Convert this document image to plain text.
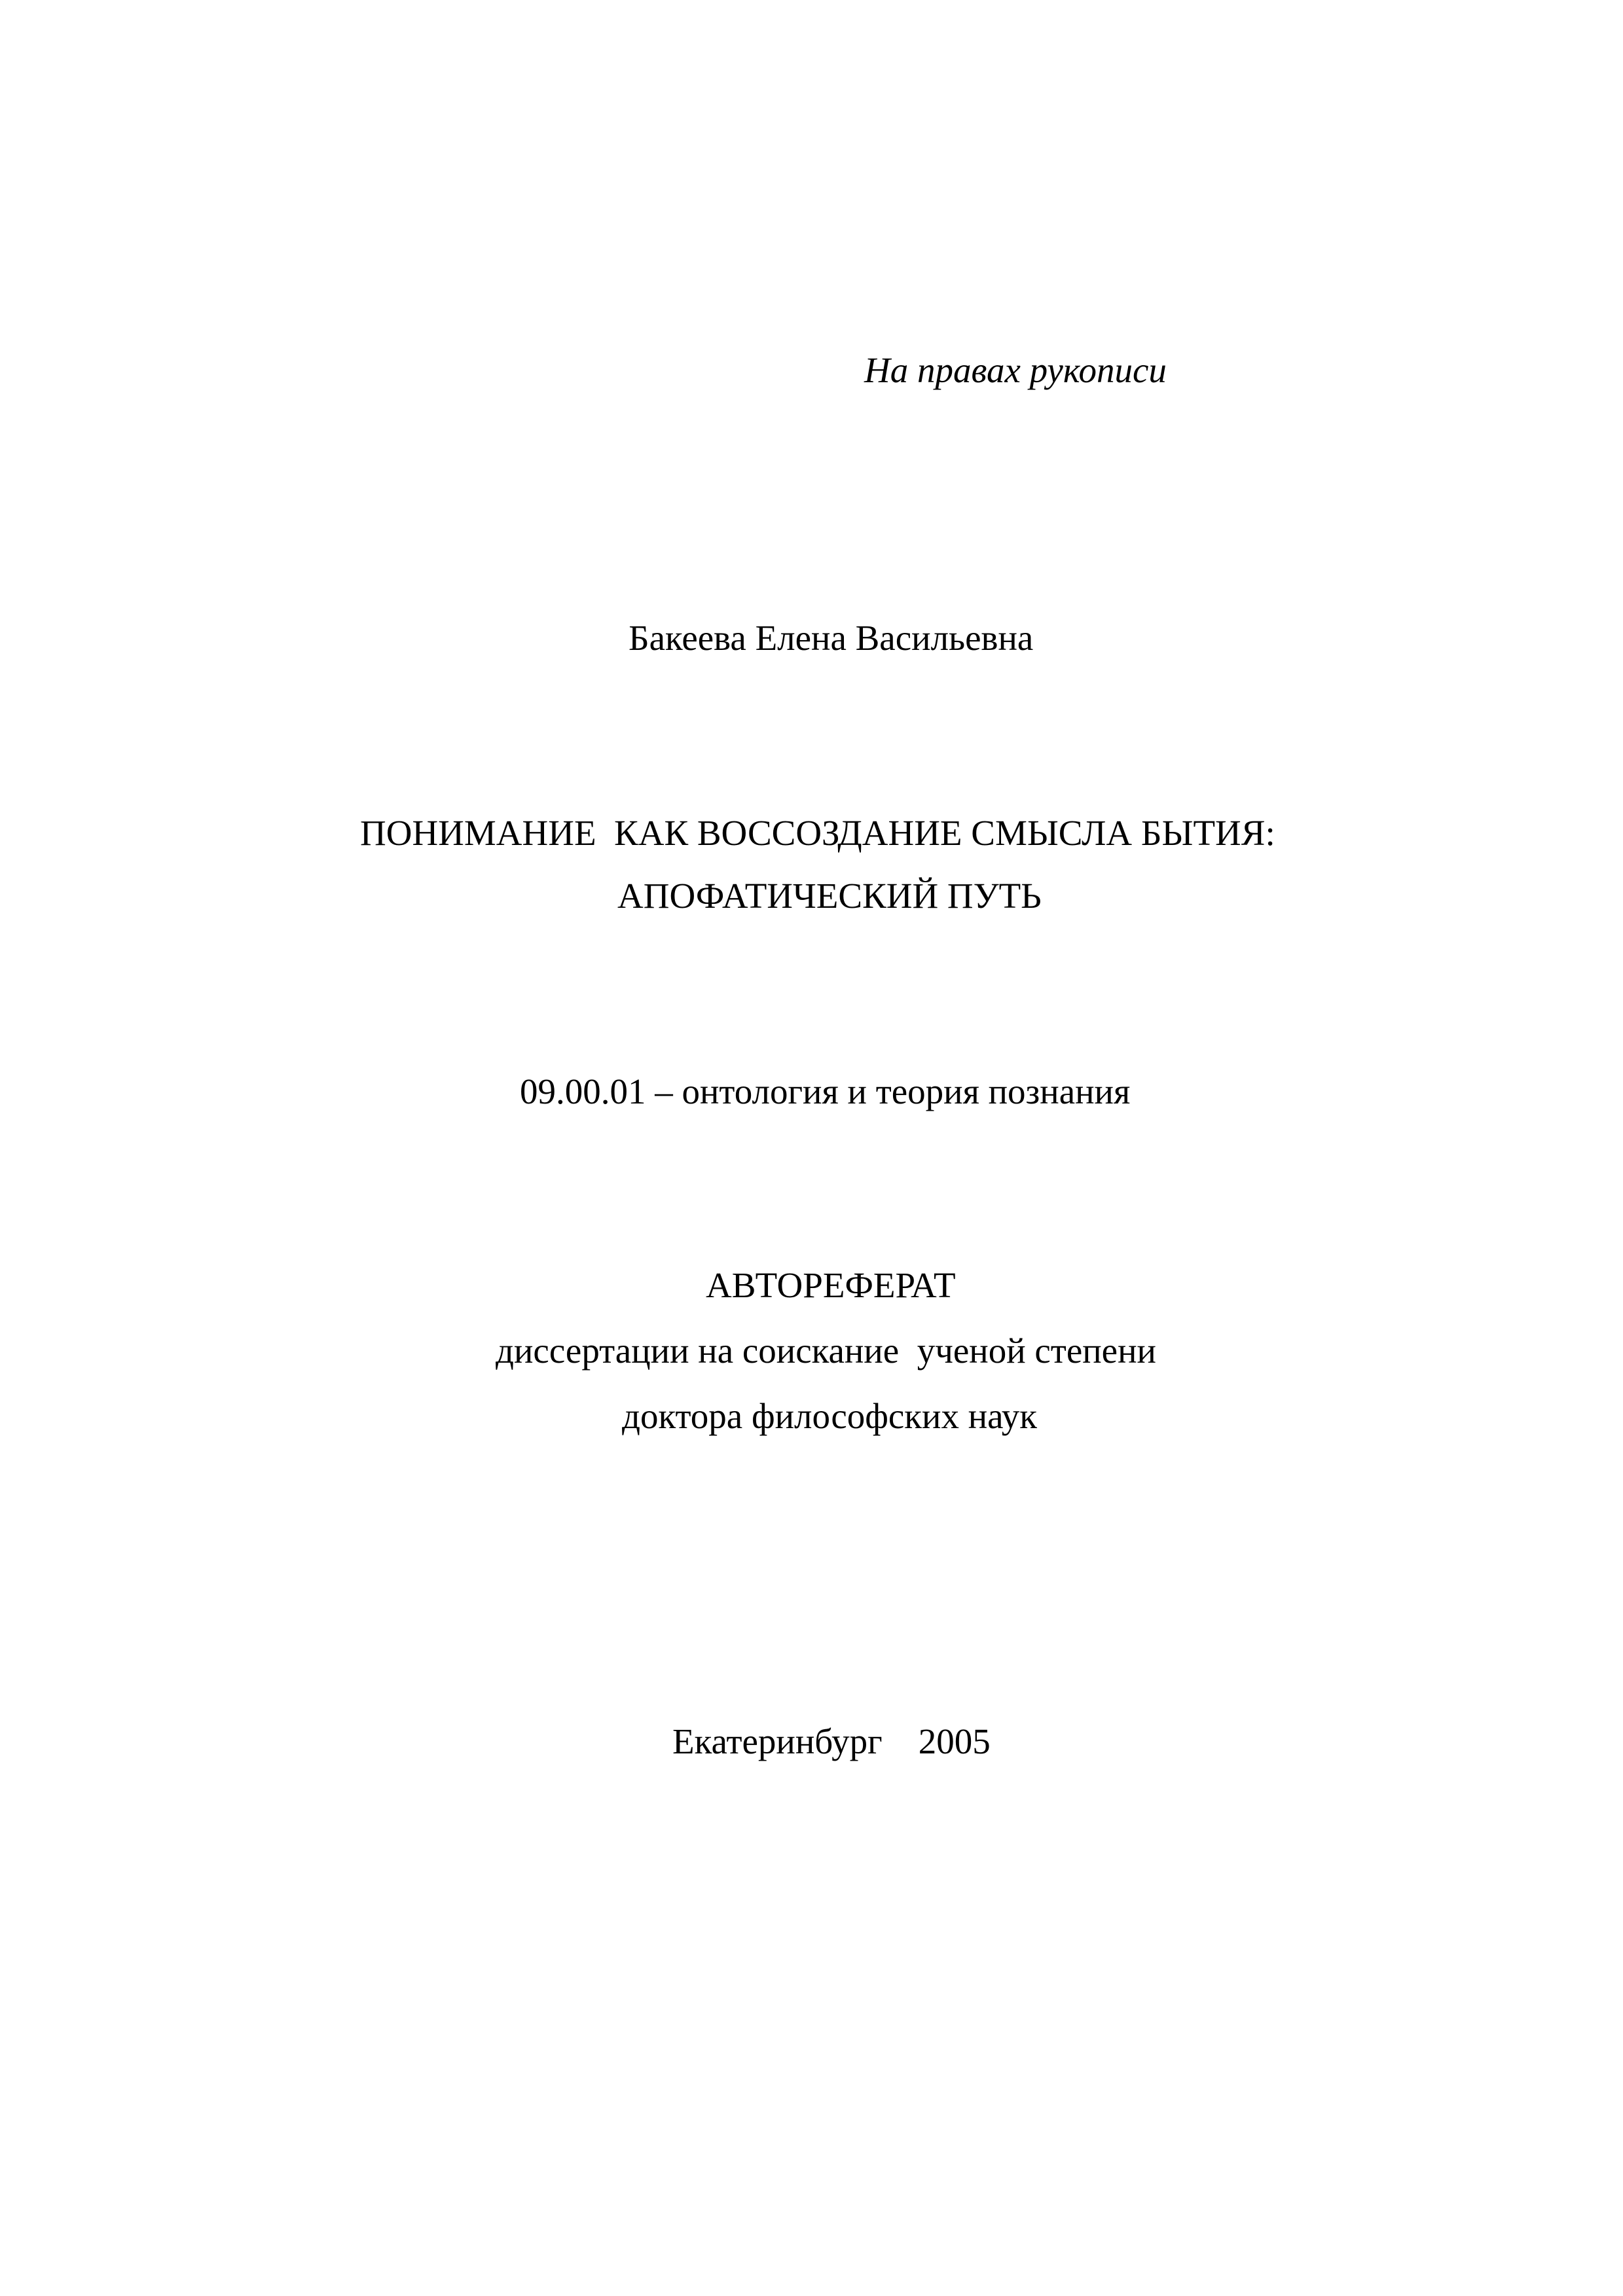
На правах рукописи
Бакеева Елена Васильевна
ПОНИМАНИЕ  КАК ВОССОЗДАНИЕ СМЫСЛА БЫТИЯ:
АПОФАТИЧЕСКИЙ ПУТЬ
09.00.01 – онтология и теория познания
АВТОРЕФЕРАТ
диссертации на соискание  ученой степени
доктора философских наук
Екатеринбург    2005
